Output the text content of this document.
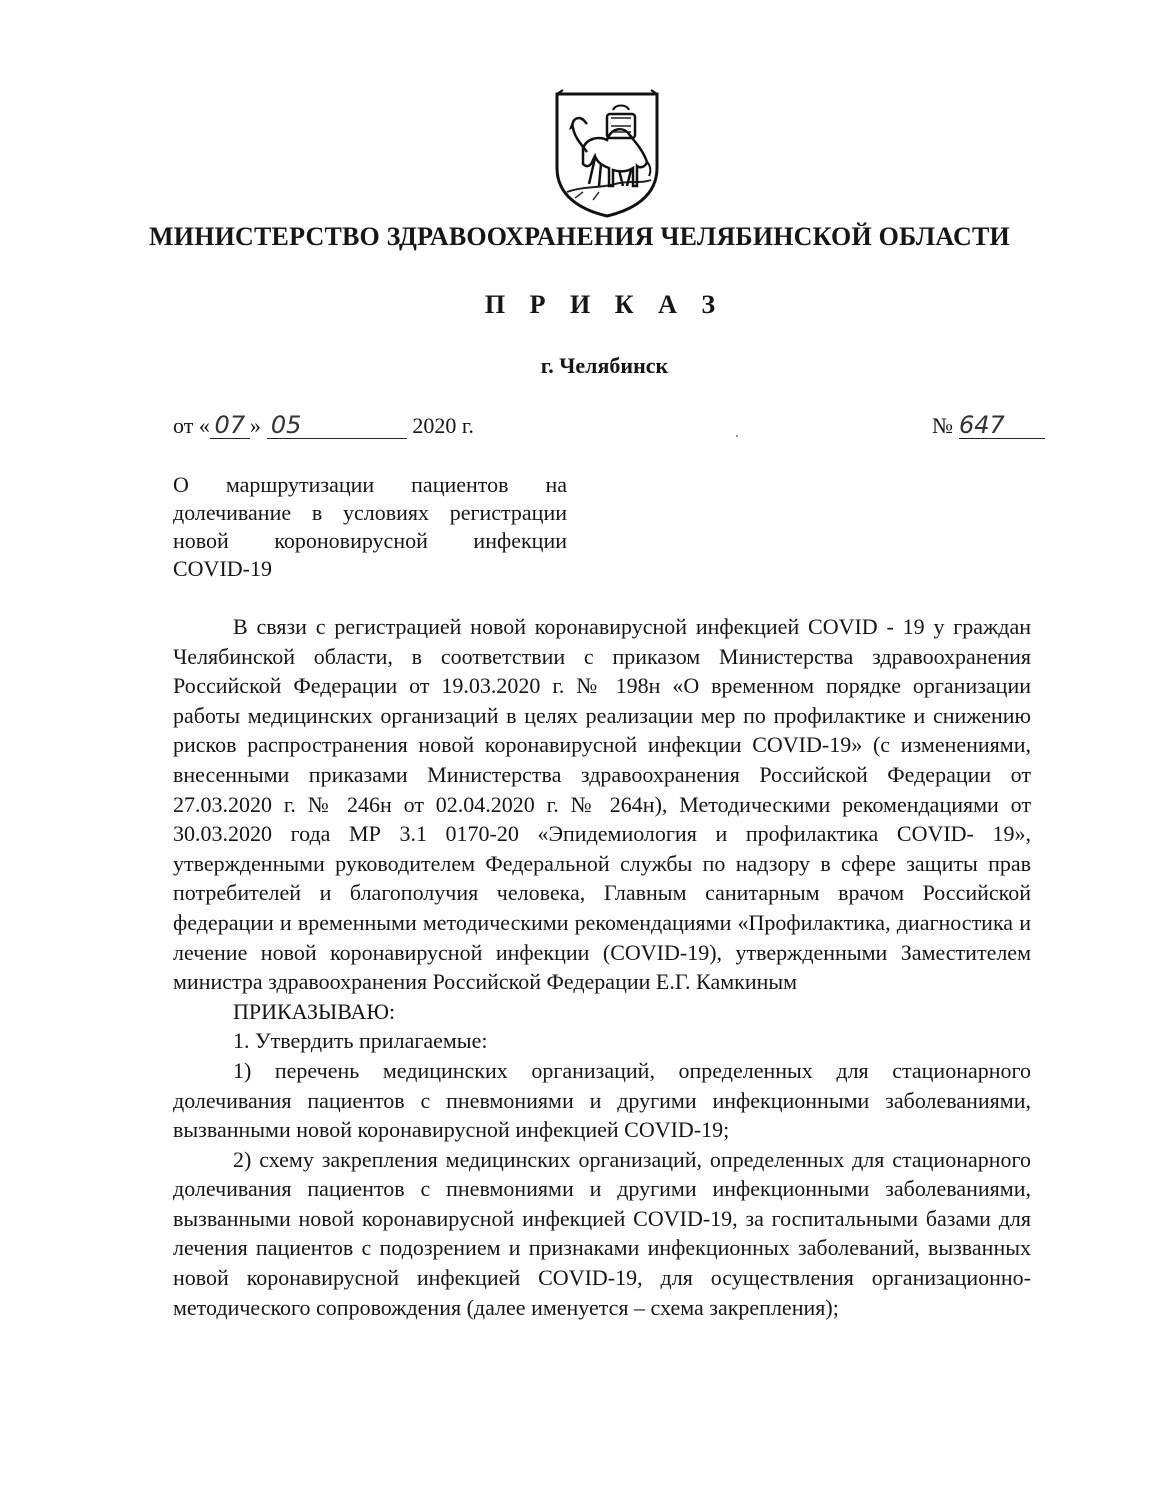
МИНИСТЕРСТВО ЗДРАВООХРАНЕНИЯ ЧЕЛЯБИНСКОЙ ОБЛАСТИ
П Р И К А З
г. Челябинск
от « 07 » 05	2020 г.	№ 647
О маршрутизации пациентов на долечивание в условиях регистрации новой короновирусной инфекции COVID-19

В связи с регистрацией новой коронавирусной инфекцией COVID - 19 у граждан Челябинской области, в соответствии с приказом Министерства здравоохранения Российской Федерации от 19.03.2020 г. № 198н «О временном порядке организации работы медицинских организаций в целях реализации мер по профилактике и снижению рисков распространения новой коронавирусной инфекции COVID-19» (с изменениями, внесенными приказами Министерства здравоохранения Российской Федерации от 27.03.2020 г. № 246н от 02.04.2020 г. № 264н), Методическими рекомендациями от 30.03.2020 года МР 3.1 0170-20 «Эпидемиология и профилактика COVID- 19», утвержденными руководителем Федеральной службы по надзору в сфере защиты прав потребителей и благополучия человека, Главным санитарным врачом Российской федерации и временными методическими рекомендациями «Профилактика, диагностика и лечение новой коронавирусной инфекции (COVID-19), утвержденными Заместителем министра здравоохранения Российской Федерации Е.Г. Камкиным

ПРИКАЗЫВАЮ:

1. Утвердить прилагаемые:

1) перечень медицинских организаций, определенных для стационарного долечивания пациентов с пневмониями и другими инфекционными заболеваниями, вызванными новой коронавирусной инфекцией COVID-19;

2) схему закрепления медицинских организаций, определенных для стационарного долечивания пациентов с пневмониями и другими инфекционными заболеваниями, вызванными новой коронавирусной инфекцией COVID-19, за госпитальными базами для лечения пациентов с подозрением и признаками инфекционных заболеваний, вызванных новой коронавирусной инфекцией COVID-19, для осуществления организационно-методического сопровождения (далее именуется – схема закрепления);
